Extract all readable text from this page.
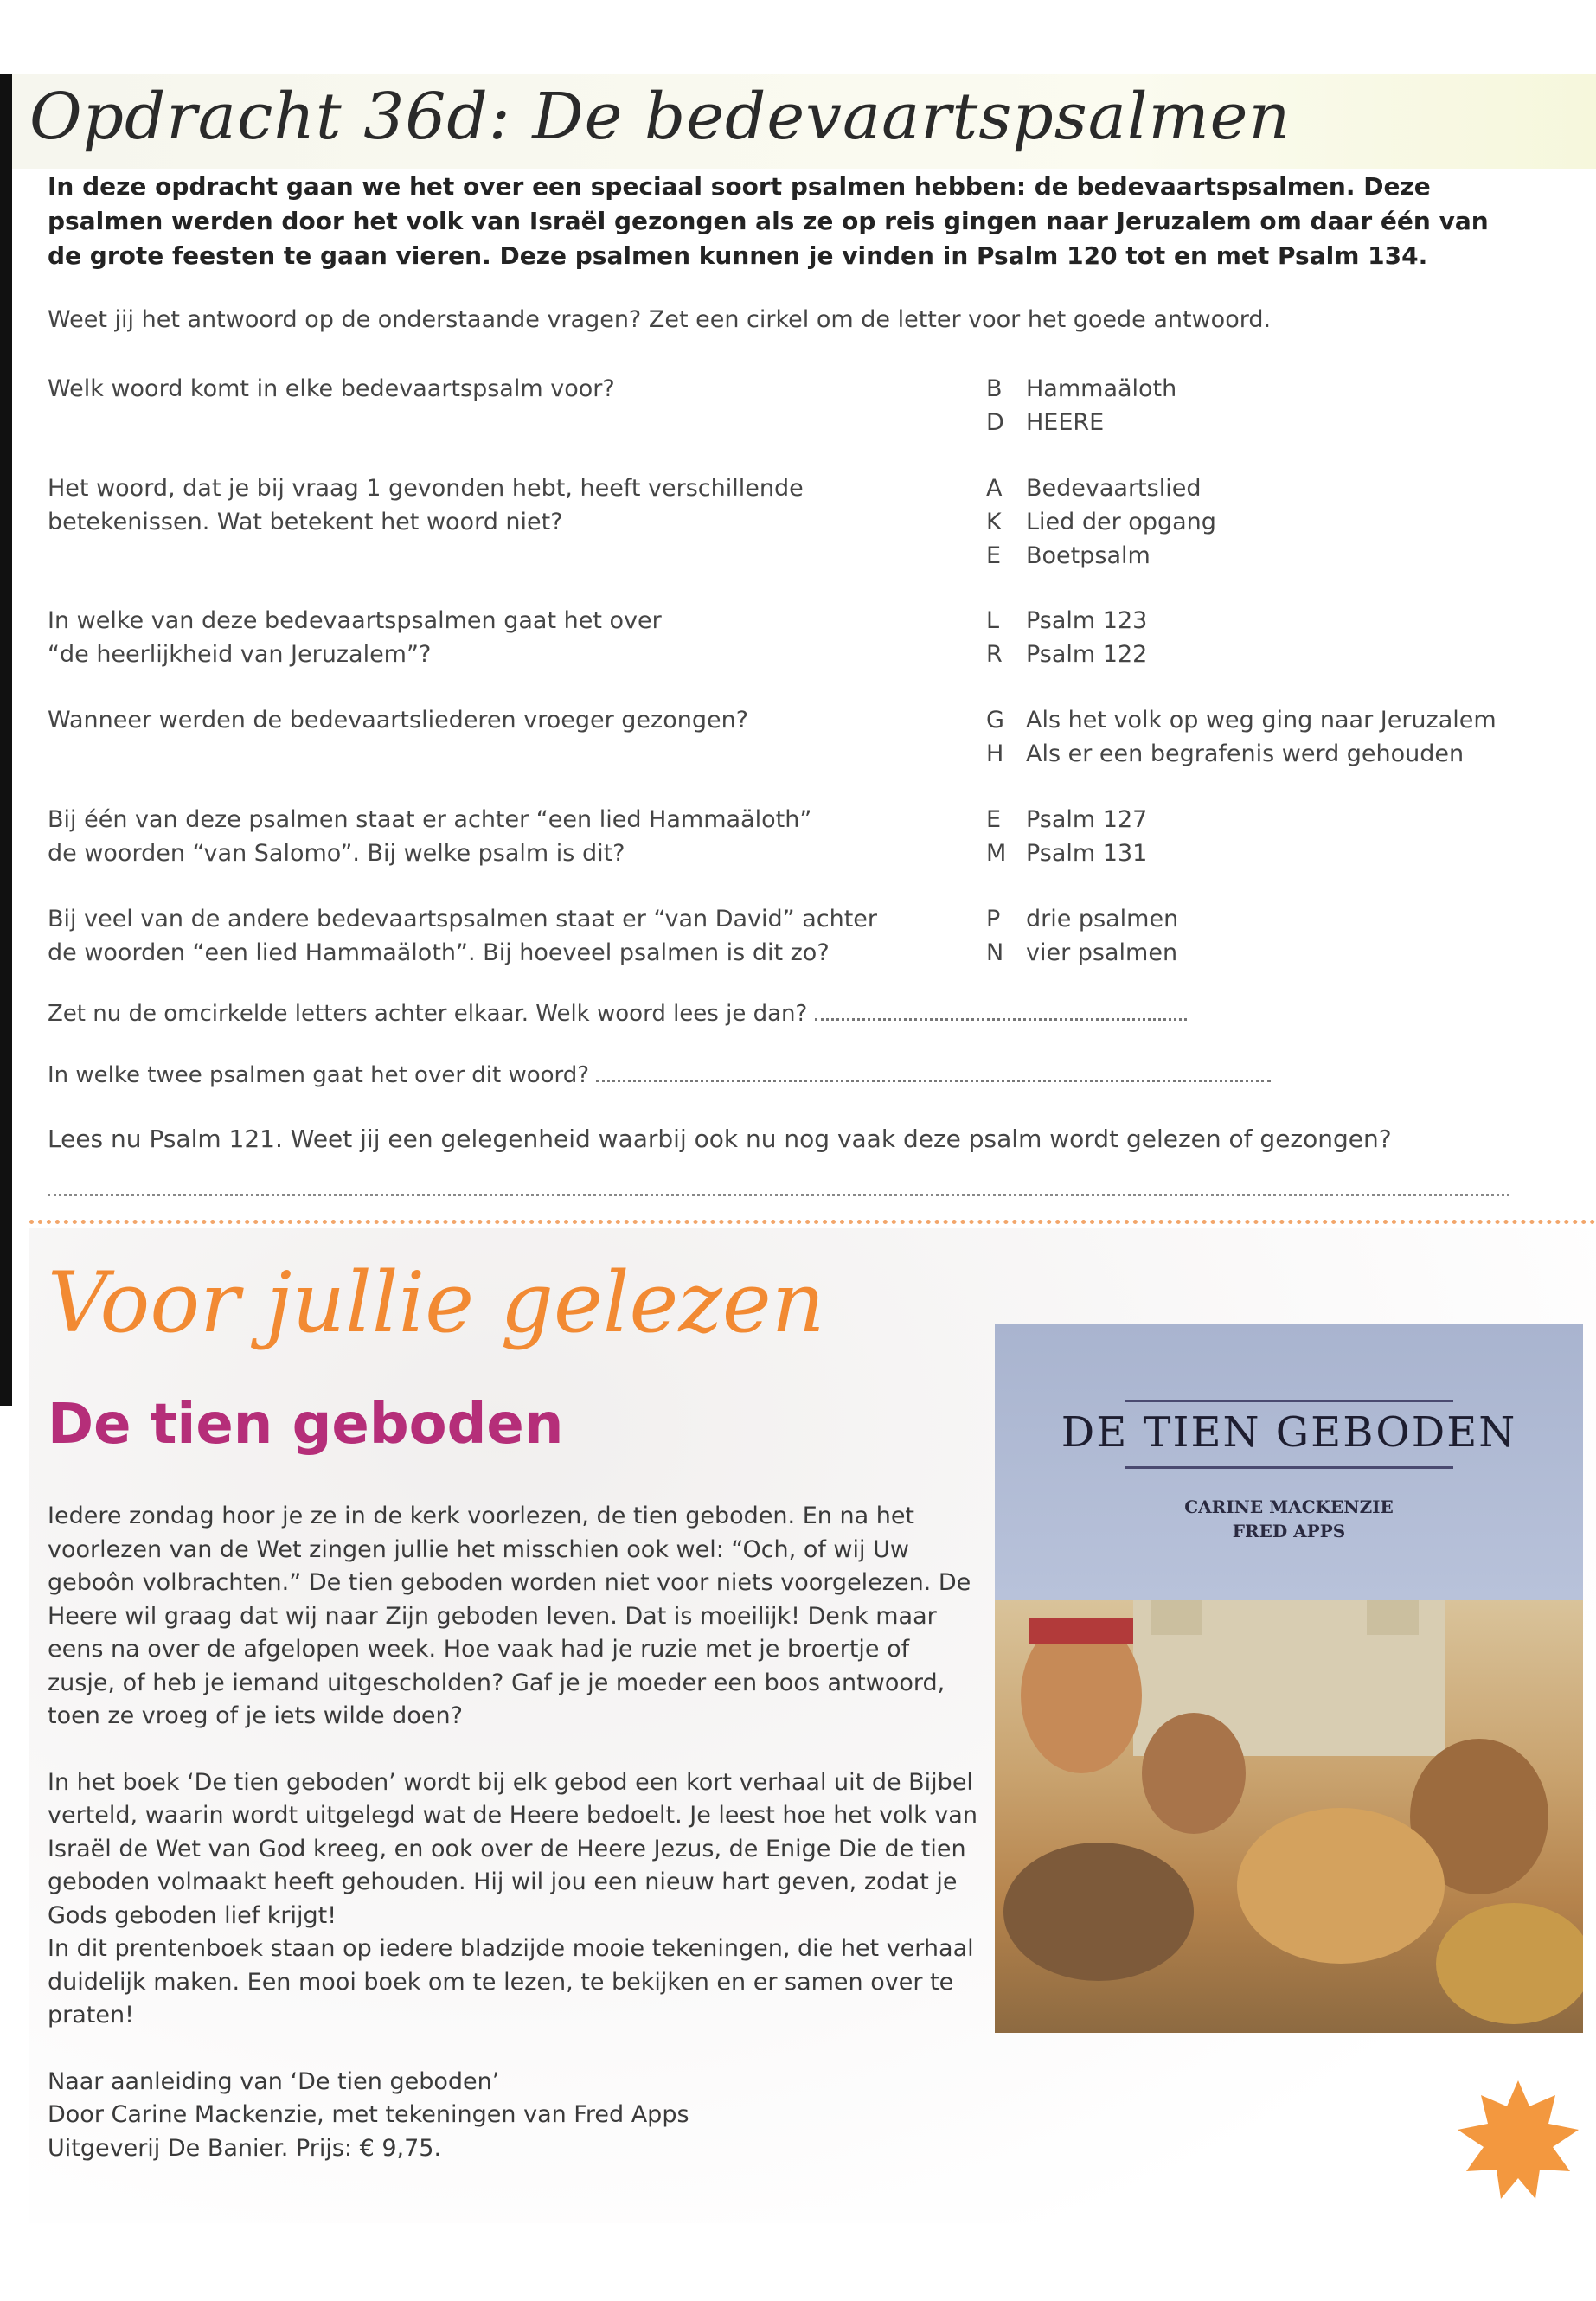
Opdracht 36d: De bedevaartspsalmen
In deze opdracht gaan we het over een speciaal soort psalmen hebben: de bedevaartspsalmen. Deze psalmen werden door het volk van Israël gezongen als ze op reis gingen naar Jeruzalem om daar één van de grote feesten te gaan vieren. Deze psalmen kunnen je vinden in Psalm 120 tot en met Psalm 134.
Weet jij het antwoord op de onderstaande vragen? Zet een cirkel om de letter voor het goede antwoord.
Welk woord komt in elke bedevaartspsalm voor?	B Hammaäloth
D HEERE
Het woord, dat je bij vraag 1 gevonden hebt, heeft verschillende
betekenissen. Wat betekent het woord niet?
A Bedevaartslied
K Lied der opgang
E Boetpsalm
In welke van deze bedevaartspsalmen gaat het over
“de heerlijkheid van Jeruzalem”?
L Psalm 123
R Psalm 122
Wanneer werden de bedevaartsliederen vroeger gezongen?	G Als het volk op weg ging naar Jeruzalem
H Als er een begrafenis werd gehouden
Bij één van deze psalmen staat er achter “een lied Hammaäloth”
de woorden “van Salomo”. Bij welke psalm is dit?
E Psalm 127
M Psalm 131
Bij veel van de andere bedevaartspsalmen staat er “van David” achter
de woorden “een lied Hammaäloth”. Bij hoeveel psalmen is dit zo?
P drie psalmen
N vier psalmen
Zet nu de omcirkelde letters achter elkaar. Welk woord lees je dan?
In welke twee psalmen gaat het over dit woord?
Lees nu Psalm 121. Weet jij een gelegenheid waarbij ook nu nog vaak deze psalm wordt gelezen of gezongen?
Voor jullie gelezen
De tien geboden

Iedere zondag hoor je ze in de kerk voorlezen, de tien geboden. En na het voorlezen van de Wet zingen jullie het misschien ook wel: “Och, of wij Uw geboôn volbrachten.” De tien geboden worden niet voor niets voorgelezen. De Heere wil graag dat wij naar Zijn geboden leven. Dat is moeilijk! Denk maar eens na over de afgelopen week. Hoe vaak had je ruzie met je broertje of zusje, of heb je iemand uitgescholden? Gaf je je moeder een boos antwoord, toen ze vroeg of je iets wilde doen?

In het boek ‘De tien geboden’ wordt bij elk gebod een kort verhaal uit de Bijbel verteld, waarin wordt uitgelegd wat de Heere bedoelt. Je leest hoe het volk van Israël de Wet van God kreeg, en ook over de Heere Jezus, de Enige Die de tien geboden volmaakt heeft gehouden. Hij wil jou een nieuw hart geven, zodat je Gods geboden lief krijgt!

In dit prentenboek staan op iedere bladzijde mooie tekeningen, die het verhaal duidelijk maken. Een mooi boek om te lezen, te bekijken en er samen over te praten!

Naar aanleiding van ‘De tien geboden’
Door Carine Mackenzie, met tekeningen van Fred Apps
Uitgeverij De Banier. Prijs: € 9,75.
DE TIEN GEBODEN
CARINE MACKENZIE
FRED APPS
